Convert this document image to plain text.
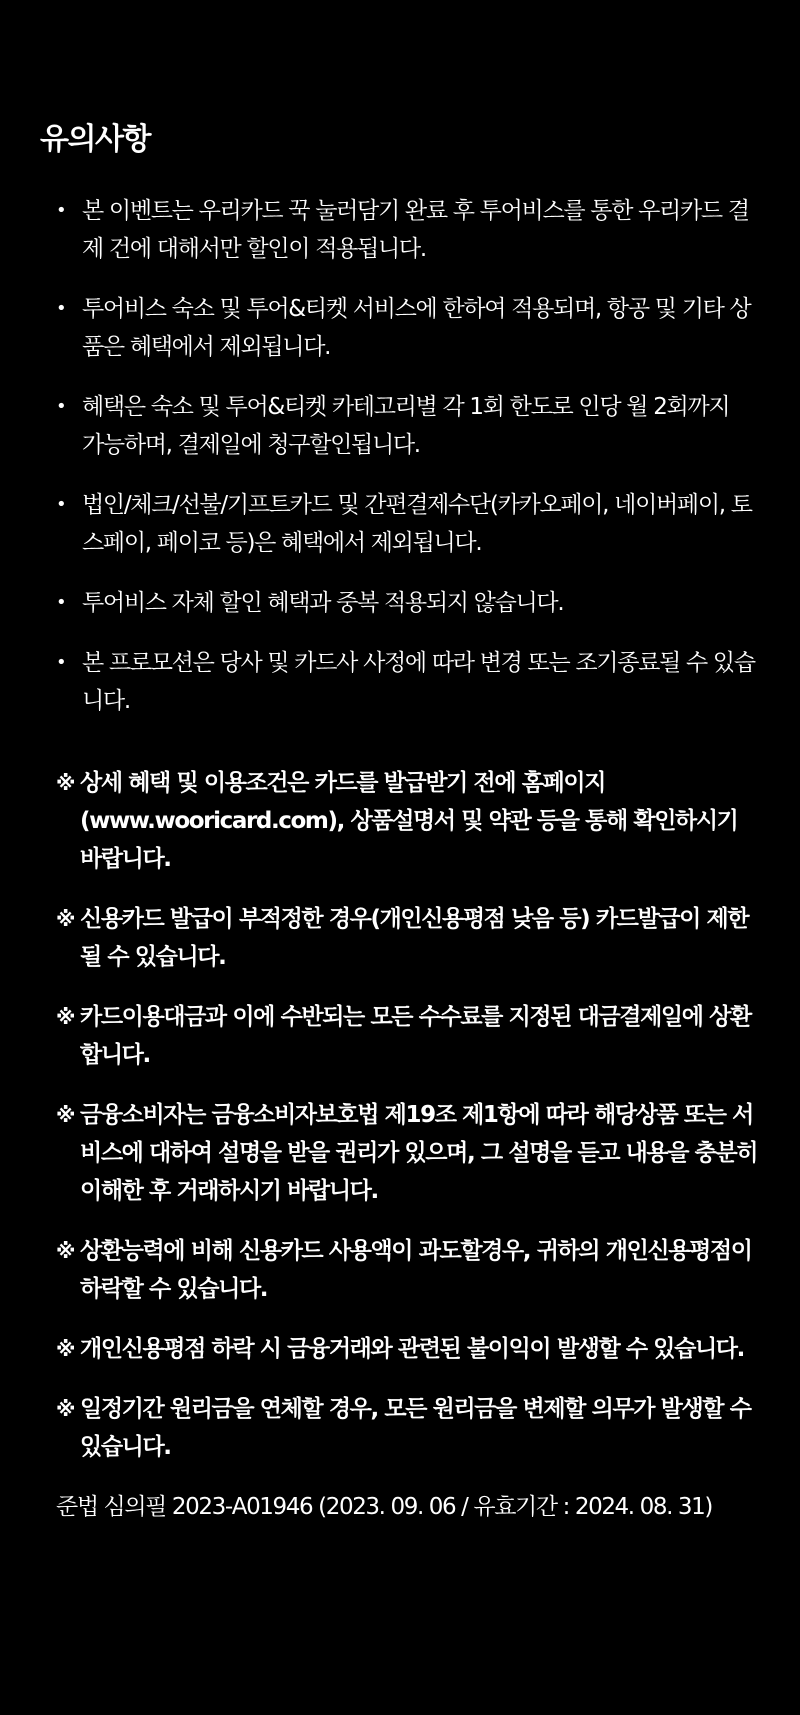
유의사항
• 본 이벤트는 우리카드 꾹 눌러담기 완료 후 투어비스를 통한 우리카드 결제 건에 대해서만 할인이 적용됩니다.
• 투어비스 숙소 및 투어&티켓 서비스에 한하여 적용되며, 항공 및 기타 상품은 혜택에서 제외됩니다.
• 혜택은 숙소 및 투어&티켓 카테고리별 각 1회 한도로 인당 월 2회까지 가능하며, 결제일에 청구할인됩니다.
• 법인/체크/선불/기프트카드 및 간편결제수단(카카오페이, 네이버페이, 토스페이, 페이코 등)은 혜택에서 제외됩니다.
• 투어비스 자체 할인 혜택과 중복 적용되지 않습니다.
• 본 프로모션은 당사 및 카드사 사정에 따라 변경 또는 조기종료될 수 있습니다.
※ 상세 혜택 및 이용조건은 카드를 발급받기 전에 홈페이지 (www.wooricard.com), 상품설명서 및 약관 등을 통해 확인하시기 바랍니다.
※ 신용카드 발급이 부적정한 경우(개인신용평점 낮음 등) 카드발급이 제한될 수 있습니다.
※ 카드이용대금과 이에 수반되는 모든 수수료를 지정된 대금결제일에 상환합니다.
※ 금융소비자는 금융소비자보호법 제19조 제1항에 따라 해당상품 또는 서비스에 대하여 설명을 받을 권리가 있으며, 그 설명을 듣고 내용을 충분히 이해한 후 거래하시기 바랍니다.
※ 상환능력에 비해 신용카드 사용액이 과도할경우, 귀하의 개인신용평점이 하락할 수 있습니다.
※ 개인신용평점 하락 시 금융거래와 관련된 불이익이 발생할 수 있습니다.
※ 일정기간 원리금을 연체할 경우, 모든 원리금을 변제할 의무가 발생할 수 있습니다.
준법 심의필 2023-A01946 (2023. 09. 06 / 유효기간 : 2024. 08. 31)
